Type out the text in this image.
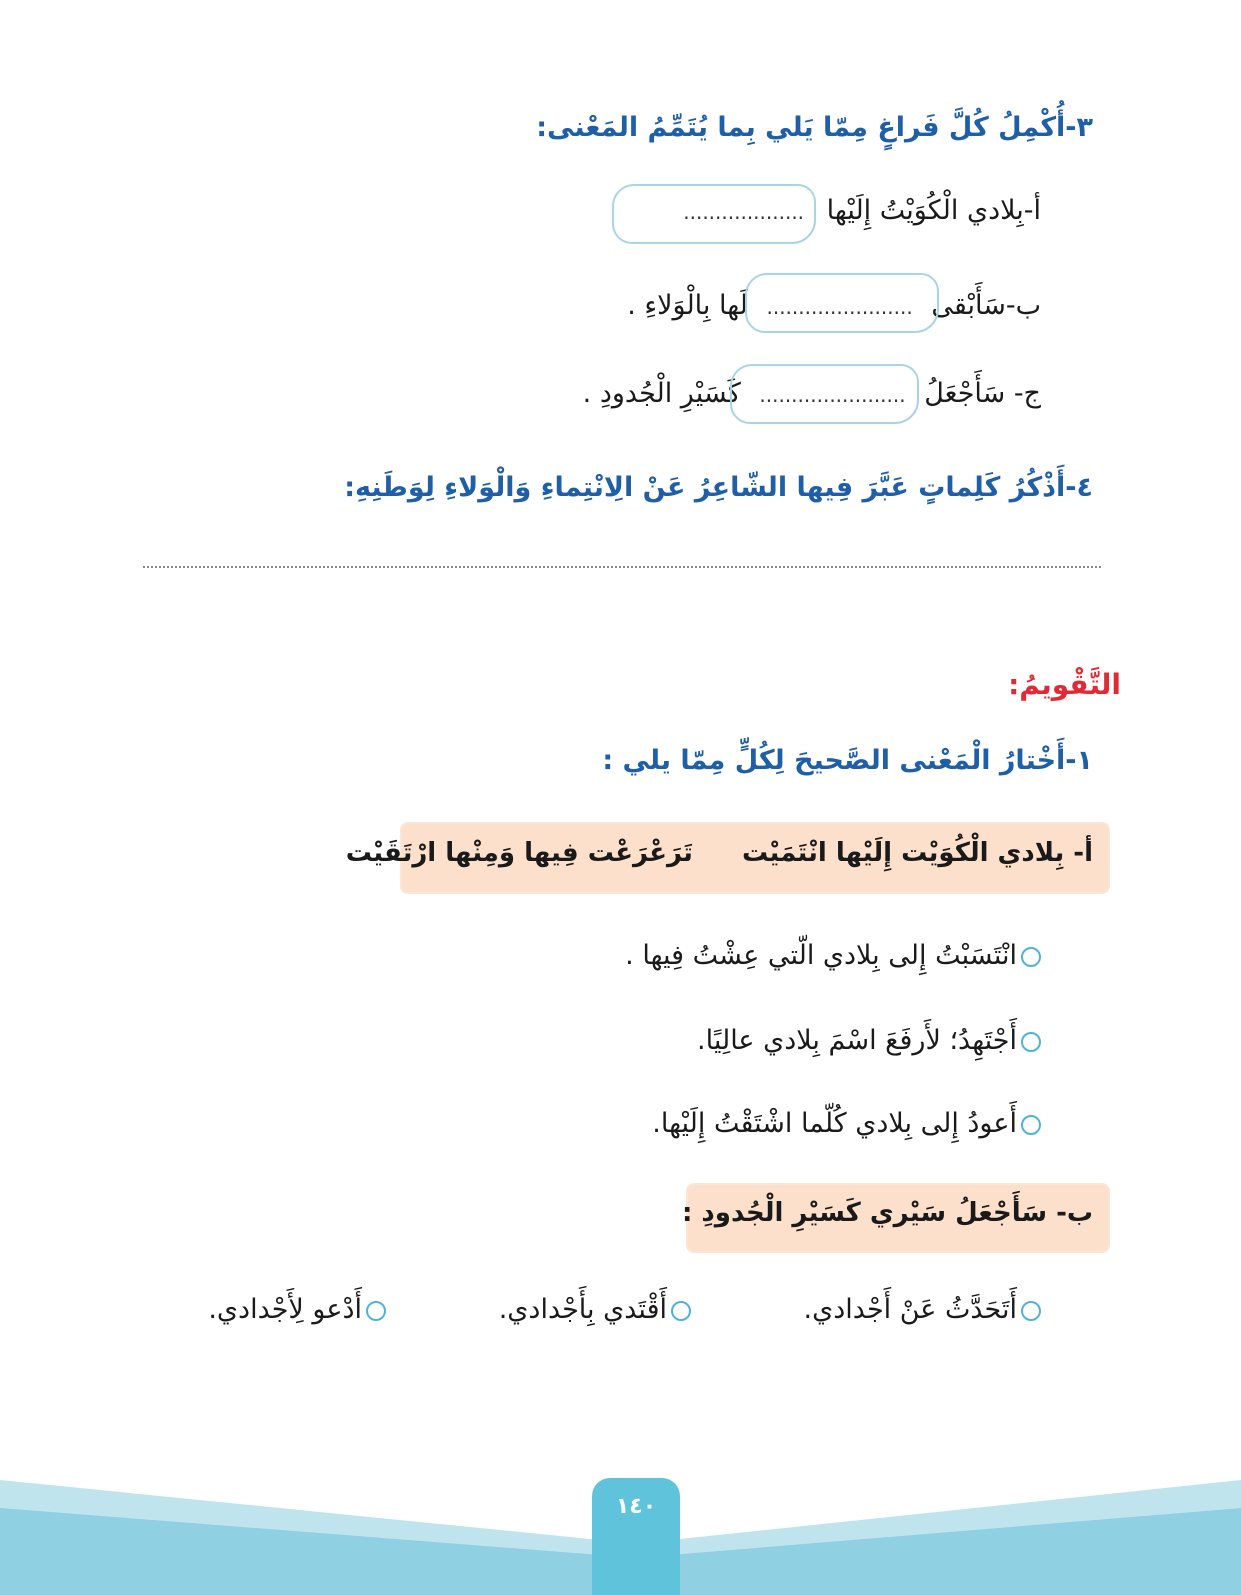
٣-أُكْمِلُ كُلَّ فَراغٍ مِمّا يَلي بِما يُتَمِّمُ المَعْنى:
أ-بِلادي الْكُوَيْتُ إِلَيْها ...................
ب-سَأَبْقى ....................... لَها بِالْوَلاءِ .
ج- سَأَجْعَلُ ....................... كَسَيْرِ الْجُدودِ .
٤-أَذْكُرُ كَلِماتٍ عَبَّرَ فِيها الشّاعِرُ عَنْ الِانْتِماءِ وَالْوَلاءِ لِوَطَنِهِ:
التَّقْويمُ:
١-أَخْتارُ الْمَعْنى الصَّحيحَ لِكُلٍّ مِمّا يلي :
أ- بِلادي الْكُوَيْت إِلَيْها انْتَمَيْت تَرَعْرَعْت فِيها وَمِنْها ارْتَقَيْت
انْتَسَبْتُ إِلى بِلادي الّتي عِشْتُ فِيها .
أَجْتَهِدُ؛ لأَرفَعَ اسْمَ بِلادي عالِيًا.
أَعودُ إِلى بِلادي كُلّما اشْتَقْتُ إِلَيْها.
ب- سَأَجْعَلُ سَيْري كَسَيْرِ الْجُدودِ :
أَتَحَدَّثُ عَنْ أَجْدادي.
أَقْتَدي بِأَجْدادي.
أَدْعو لِأَجْدادي.
١٤٠
